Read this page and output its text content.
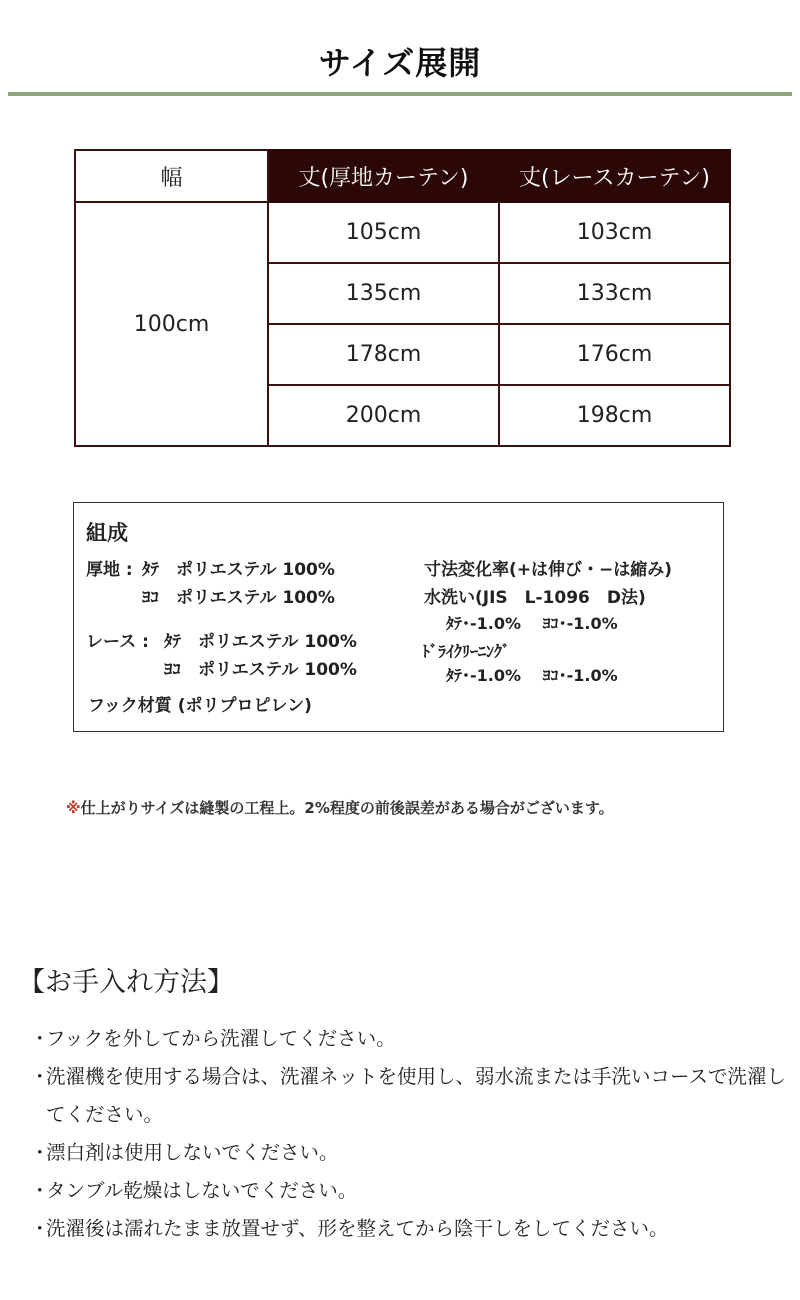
サイズ展開
幅	丈(厚地カーテン)	丈(レースカーテン)
100cm	105cm	103cm
	135cm	133cm
	178cm	176cm
	200cm	198cm
組成
厚地 : ﾀﾃ　ポリエステル 100%
ﾖｺ　ポリエステル 100%
レース : ﾀﾃ　ポリエステル 100%
ﾖｺ　ポリエステル 100%
フック材質 (ポリプロピレン)
寸法変化率(+は伸び・−は縮み)
水洗い(JIS　L-1096　D法)
ﾀﾃ･-1.0%　 ﾖｺ･-1.0%
ﾄﾞﾗｲｸﾘｰﾆﾝｸﾞ
ﾀﾃ･-1.0%　 ﾖｺ･-1.0%
※仕上がりサイズは縫製の工程上。2%程度の前後誤差がある場合がございます。
【お手入れ方法】
・
フックを外してから洗濯してください。
・
洗濯機を使用する場合は、洗濯ネットを使用し、弱水流または手洗いコースで洗濯してください。
・
漂白剤は使用しないでください。
・
タンブル乾燥はしないでください。
・
洗濯後は濡れたまま放置せず、形を整えてから陰干しをしてください。
